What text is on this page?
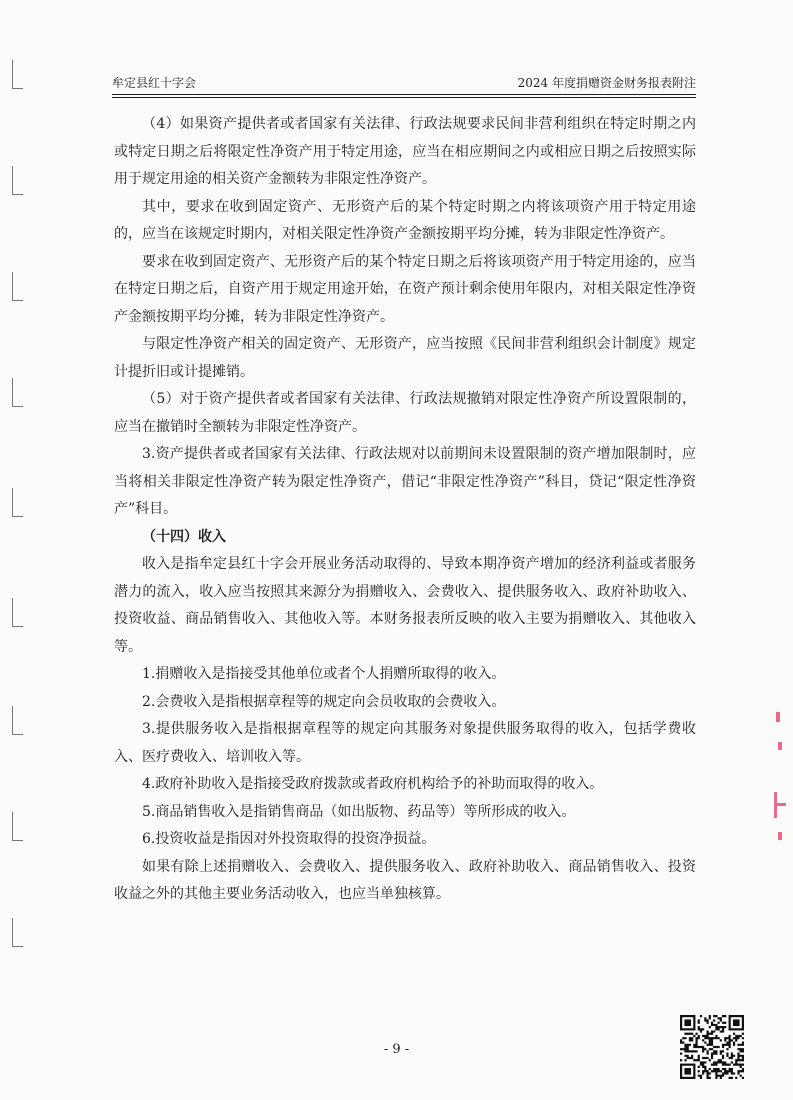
牟定县红十字会	2024 年度捐赠资金财务报表附注

（4）如果资产提供者或者国家有关法律、行政法规要求民间非营利组织在特定时期之内或特定日期之后将限定性净资产用于特定用途，应当在相应期间之内或相应日期之后按照实际用于规定用途的相关资产金额转为非限定性净资产。

其中，要求在收到固定资产、无形资产后的某个特定时期之内将该项资产用于特定用途的，应当在该规定时期内，对相关限定性净资产金额按期平均分摊，转为非限定性净资产。

要求在收到固定资产、无形资产后的某个特定日期之后将该项资产用于特定用途的，应当在特定日期之后，自资产用于规定用途开始，在资产预计剩余使用年限内，对相关限定性净资产金额按期平均分摊，转为非限定性净资产。

与限定性净资产相关的固定资产、无形资产，应当按照《民间非营利组织会计制度》规定计提折旧或计提摊销。

（5）对于资产提供者或者国家有关法律、行政法规撤销对限定性净资产所设置限制的，应当在撤销时全额转为非限定性净资产。

3.资产提供者或者国家有关法律、行政法规对以前期间未设置限制的资产增加限制时，应当将相关非限定性净资产转为限定性净资产，借记“非限定性净资产”科目，贷记“限定性净资产”科目。

（十四）收入

收入是指牟定县红十字会开展业务活动取得的、导致本期净资产增加的经济利益或者服务潜力的流入，收入应当按照其来源分为捐赠收入、会费收入、提供服务收入、政府补助收入、投资收益、商品销售收入、其他收入等。本财务报表所反映的收入主要为捐赠收入、其他收入等。

1.捐赠收入是指接受其他单位或者个人捐赠所取得的收入。

2.会费收入是指根据章程等的规定向会员收取的会费收入。

3.提供服务收入是指根据章程等的规定向其服务对象提供服务取得的收入，包括学费收入、医疗费收入、培训收入等。

4.政府补助收入是指接受政府拨款或者政府机构给予的补助而取得的收入。

5.商品销售收入是指销售商品（如出版物、药品等）等所形成的收入。

6.投资收益是指因对外投资取得的投资净损益。

如果有除上述捐赠收入、会费收入、提供服务收入、政府补助收入、商品销售收入、投资收益之外的其他主要业务活动收入，也应当单独核算。

- 9 -
